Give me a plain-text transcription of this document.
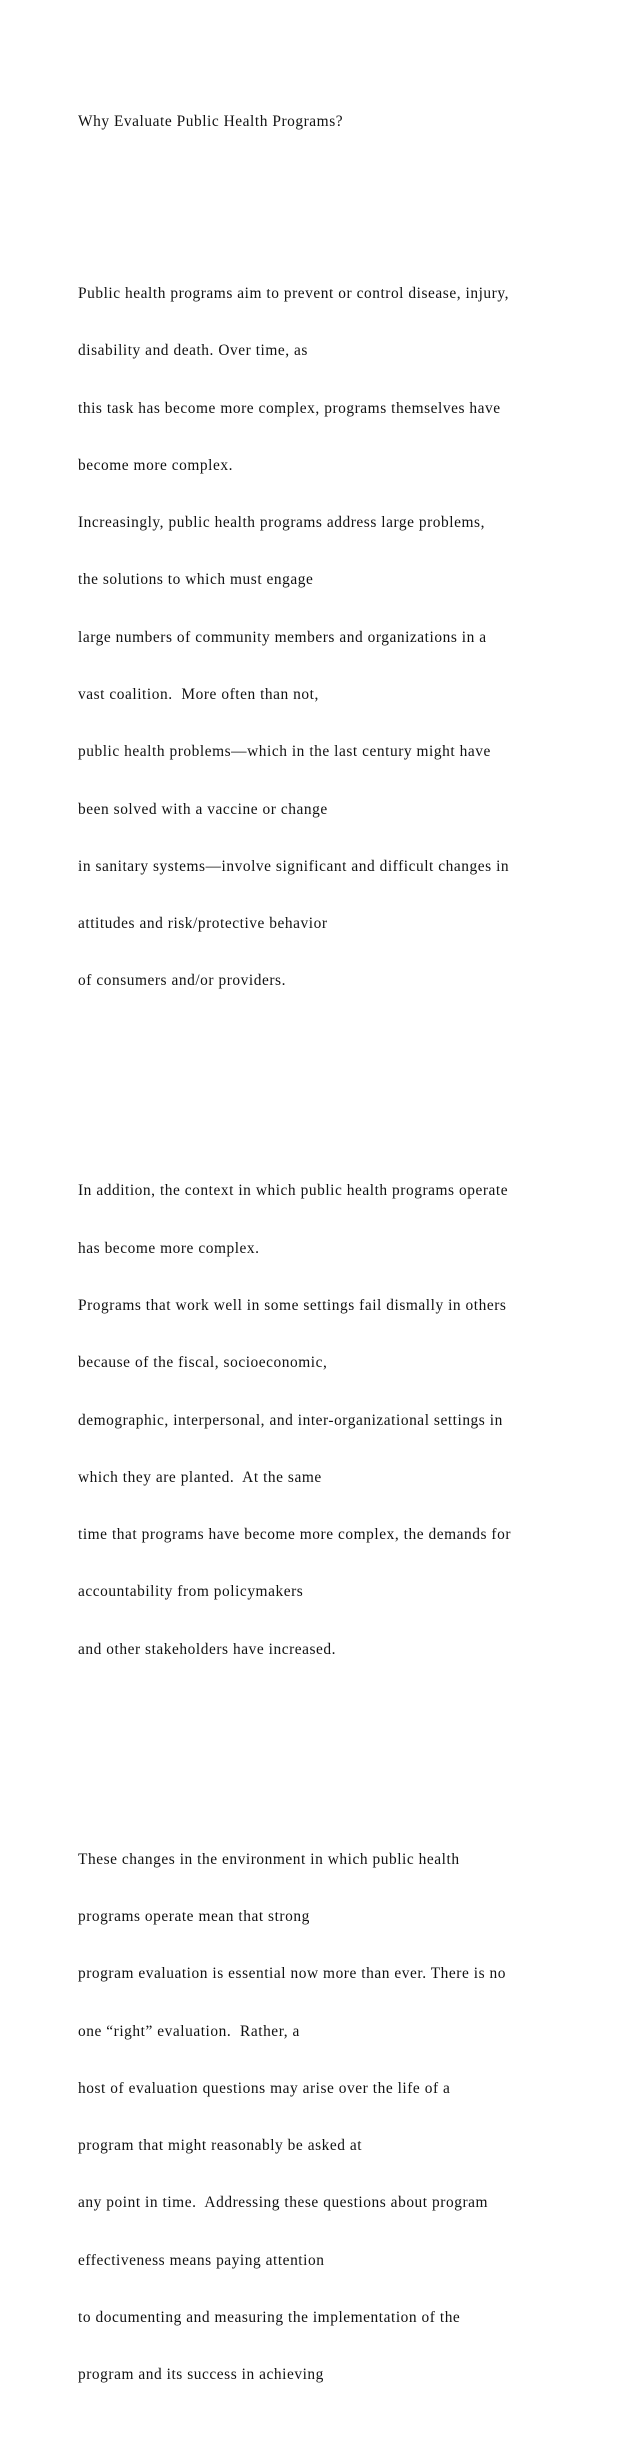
Why Evaluate Public Health Programs?

Public health programs aim to prevent or control disease, injury,

disability and death. Over time, as

this task has become more complex, programs themselves have

become more complex.

Increasingly, public health programs address large problems,

the solutions to which must engage

large numbers of community members and organizations in a

vast coalition.  More often than not,

public health problems—which in the last century might have

been solved with a vaccine or change

in sanitary systems—involve significant and difficult changes in

attitudes and risk/protective behavior

of consumers and/or providers.

In addition, the context in which public health programs operate

has become more complex.

Programs that work well in some settings fail dismally in others

because of the fiscal, socioeconomic,

demographic, interpersonal, and inter-organizational settings in

which they are planted.  At the same

time that programs have become more complex, the demands for

accountability from policymakers

and other stakeholders have increased.

These changes in the environment in which public health

programs operate mean that strong

program evaluation is essential now more than ever. There is no

one “right” evaluation.  Rather, a

host of evaluation questions may arise over the life of a

program that might reasonably be asked at

any point in time.  Addressing these questions about program

effectiveness means paying attention

to documenting and measuring the implementation of the

program and its success in achieving
